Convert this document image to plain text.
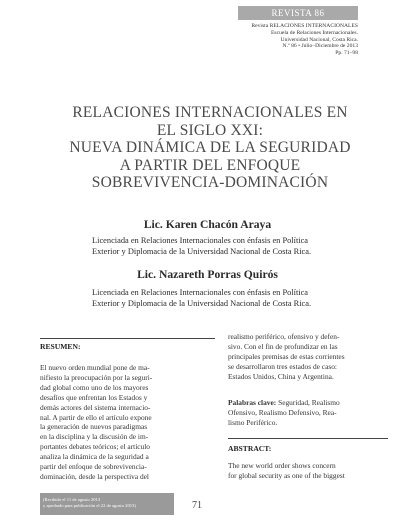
REVISTA 86
Revista RELACIONES INTERNACIONALES
Escuela de Relaciones Internacionales.
Universidad Nacional, Costa Rica.
N.º 86 • Julio–Diciembre de 2013
Pp. 71–98
RELACIONES INTERNACIONALES EN
EL SIGLO XXI:
NUEVA DINÁMICA DE LA SEGURIDAD
A PARTIR DEL ENFOQUE
SOBREVIVENCIA-DOMINACIÓN
Lic. Karen Chacón Araya
Licenciada en Relaciones Internacionales con énfasis en Política
Exterior y Diplomacia de la Universidad Nacional de Costa Rica.
Lic. Nazareth Porras Quirós
Licenciada en Relaciones Internacionales con énfasis en Política
Exterior y Diplomacia de la Universidad Nacional de Costa Rica.
RESUMEN:
El nuevo orden mundial pone de ma-
nifiesto la preocupación por la seguri-
dad global como uno de los mayores
desafíos que enfrentan los Estados y
demás actores del sistema internacio-
nal. A partir de ello el artículo expone
la generación de nuevos paradigmas
en la disciplina y la discusión de im-
portantes debates teóricos; el artículo
analiza la dinámica de la seguridad a
partir del enfoque de sobrevivencia-
dominación, desde la perspectiva del
realismo periférico, ofensivo y defen-
sivo. Con el fin de profundizar en las
principales premisas de estas corrientes
se desarrollaron tres estados de caso:
Estados Unidos, China y Argentina.
Palabras clave: Seguridad, Realismo
Ofensivo, Realismo Defensivo, Rea-
lismo Periférico.
ABSTRACT:
The new world order shows concern
for global security as one of the biggest
(Recibido el 11 de agosto 2013
y aprobado para publicación el 22 de agosto 2013)	71
